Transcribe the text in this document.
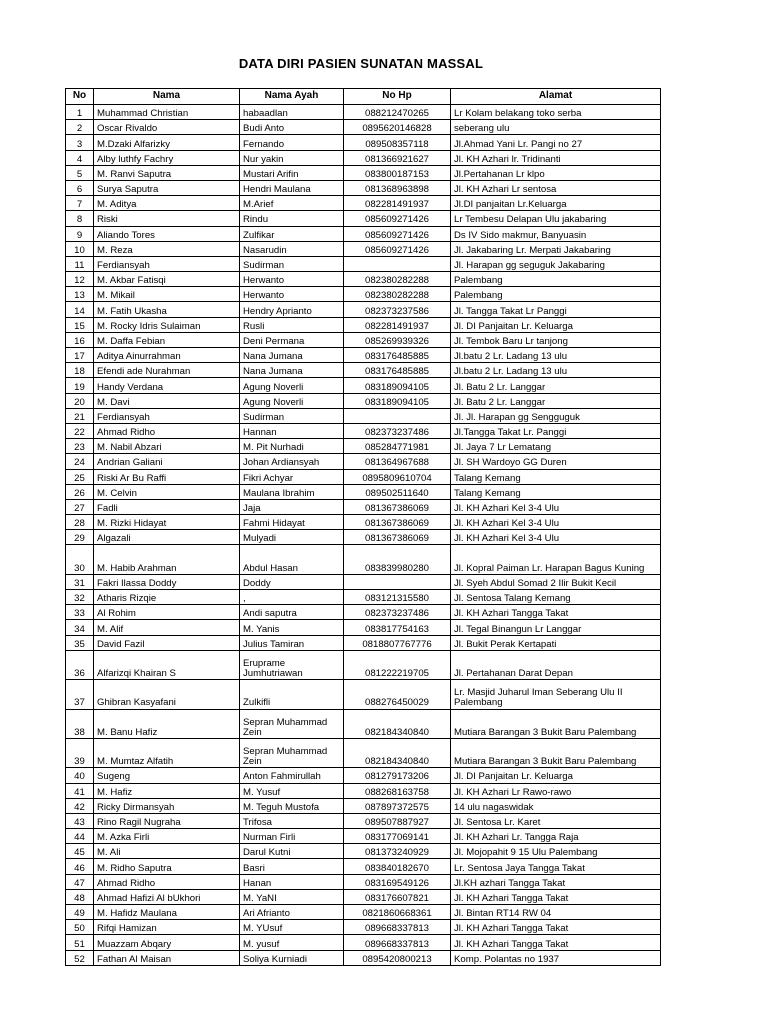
DATA DIRI PASIEN SUNATAN MASSAL
No	Nama	Nama Ayah	No Hp	Alamat
1	Muhammad Christian	habaadlan	088212470265	Lr Kolam belakang toko serba
2	Oscar Rivaldo	Budi Anto	0895620146828	seberang ulu
3	M.Dzaki Alfarizky	Fernando	089508357118	Jl.Ahmad Yani Lr. Pangi no 27
4	Alby luthfy Fachry	Nur yakin	081366921627	Jl. KH Azhari lr. Tridinanti
5	M. Ranvi Saputra	Mustari Arifin	083800187153	Jl.Pertahanan Lr klpo
6	Surya Saputra	Hendri Maulana	081368963898	Jl. KH Azhari Lr sentosa
7	M. Aditya	M.Arief	082281491937	Jl.DI panjaitan Lr.Keluarga
8	Riski	Rindu	085609271426	Lr Tembesu Delapan Ulu jakabaring
9	Aliando Tores	Zulfikar	085609271426	Ds IV Sido makmur, Banyuasin
10	M. Reza	Nasarudin	085609271426	Jl. Jakabaring Lr. Merpati Jakabaring
11	Ferdiansyah	Sudirman		Jl. Harapan gg seguguk Jakabaring
12	M. Akbar Fatisqi	Herwanto	082380282288	Palembang
13	M. Mikail	Herwanto	082380282288	Palembang
14	M. Fatih Ukasha	Hendry Aprianto	082373237586	Jl. Tangga Takat Lr Panggi
15	M. Rocky Idris Sulaiman	Rusli	082281491937	Jl. DI Panjaitan Lr. Keluarga
16	M. Daffa Febian	Deni Permana	085269939326	Jl. Tembok Baru Lr tanjong
17	Aditya Ainurrahman	Nana Jumana	083176485885	Jl.batu 2 Lr. Ladang 13 ulu
18	Efendi ade Nurahman	Nana Jumana	083176485885	Jl.batu 2 Lr. Ladang 13 ulu
19	Handy Verdana	Agung Noverli	083189094105	Jl. Batu 2 Lr. Langgar
20	M. Davi	Agung Noverli	083189094105	Jl. Batu 2 Lr. Langgar
21	Ferdiansyah	Sudirman		Jl. Jl. Harapan gg Sengguguk
22	Ahmad Ridho	Hannan	082373237486	Jl.Tangga Takat Lr. Panggi
23	M. Nabil Abzari	M. Pit Nurhadi	085284771981	Jl. Jaya 7 Lr Lematang
24	Andrian Galiani	Johan Ardiansyah	081364967688	Jl. SH Wardoyo GG Duren
25	Riski Ar Bu Raffi	Fikri Achyar	0895809610704	Talang Kemang
26	M. Celvin	Maulana Ibrahim	089502511640	Talang Kemang
27	Fadli	Jaja	081367386069	Jl. KH Azhari Kel 3-4 Ulu
28	M. Rizki Hidayat	Fahmi Hidayat	081367386069	Jl. KH Azhari Kel 3-4 Ulu
29	Algazali	Mulyadi	081367386069	Jl. KH Azhari Kel 3-4 Ulu
30	M. Habib Arahman	Abdul Hasan	083839980280	Jl. Kopral Paiman Lr. Harapan Bagus Kuning
31	Fakri Ilassa Doddy	Doddy		Jl. Syeh Abdul Somad 2 Ilir Bukit Kecil
32	Atharis Rizqie	,	083121315580	Jl. Sentosa Talang Kemang
33	Al Rohim	Andi saputra	082373237486	Jl. KH Azhari Tangga Takat
34	M. Alif	M. Yanis	083817754163	Jl. Tegal Binangun Lr Langgar
35	David Fazil	Julius Tamiran	0818807767776	Jl. Bukit Perak Kertapati
36	Alfarizqi Khairan S	Eruprame Jumhutriawan	081222219705	Jl. Pertahanan Darat Depan
37	Ghibran Kasyafani	Zulkifli	088276450029	Lr. Masjid Juharul Iman Seberang Ulu II Palembang
38	M. Banu Hafiz	Sepran Muhammad Zein	082184340840	Mutiara Barangan 3 Bukit Baru Palembang
39	M. Mumtaz Alfatih	Sepran Muhammad Zein	082184340840	Mutiara Barangan 3 Bukit Baru Palembang
40	Sugeng	Anton Fahmirullah	081279173206	Jl. DI Panjaitan Lr. Keluarga
41	M. Hafiz	M. Yusuf	088268163758	Jl. KH Azhari Lr Rawo-rawo
42	Ricky Dirmansyah	M. Teguh Mustofa	087897372575	14 ulu nagaswidak
43	Rino Ragil Nugraha	Trifosa	089507887927	Jl. Sentosa Lr. Karet
44	M. Azka Firli	Nurman Firli	083177069141	Jl. KH Azhari Lr. Tangga Raja
45	M. Ali	Darul Kutni	081373240929	Jl. Mojopahit 9 15 Ulu Palembang
46	M. Ridho Saputra	Basri	083840182670	Lr. Sentosa Jaya Tangga Takat
47	Ahmad Ridho	Hanan	083169549126	Jl.KH azhari Tangga Takat
48	Ahmad Hafizi Al bUkhori	M. YaNI	083176607821	Jl. KH Azhari Tangga Takat
49	M. Hafidz Maulana	Ari Afrianto	0821860668361	Jl. Bintan RT14 RW 04
50	Rifqi Hamizan	M. YUsuf	089668337813	Jl. KH Azhari Tangga Takat
51	Muazzam Abqary	M. yusuf	089668337813	Jl. KH Azhari Tangga Takat
52	Fathan Al Maisan	Soliya Kurniadi	0895420800213	Komp. Polantas no 1937
